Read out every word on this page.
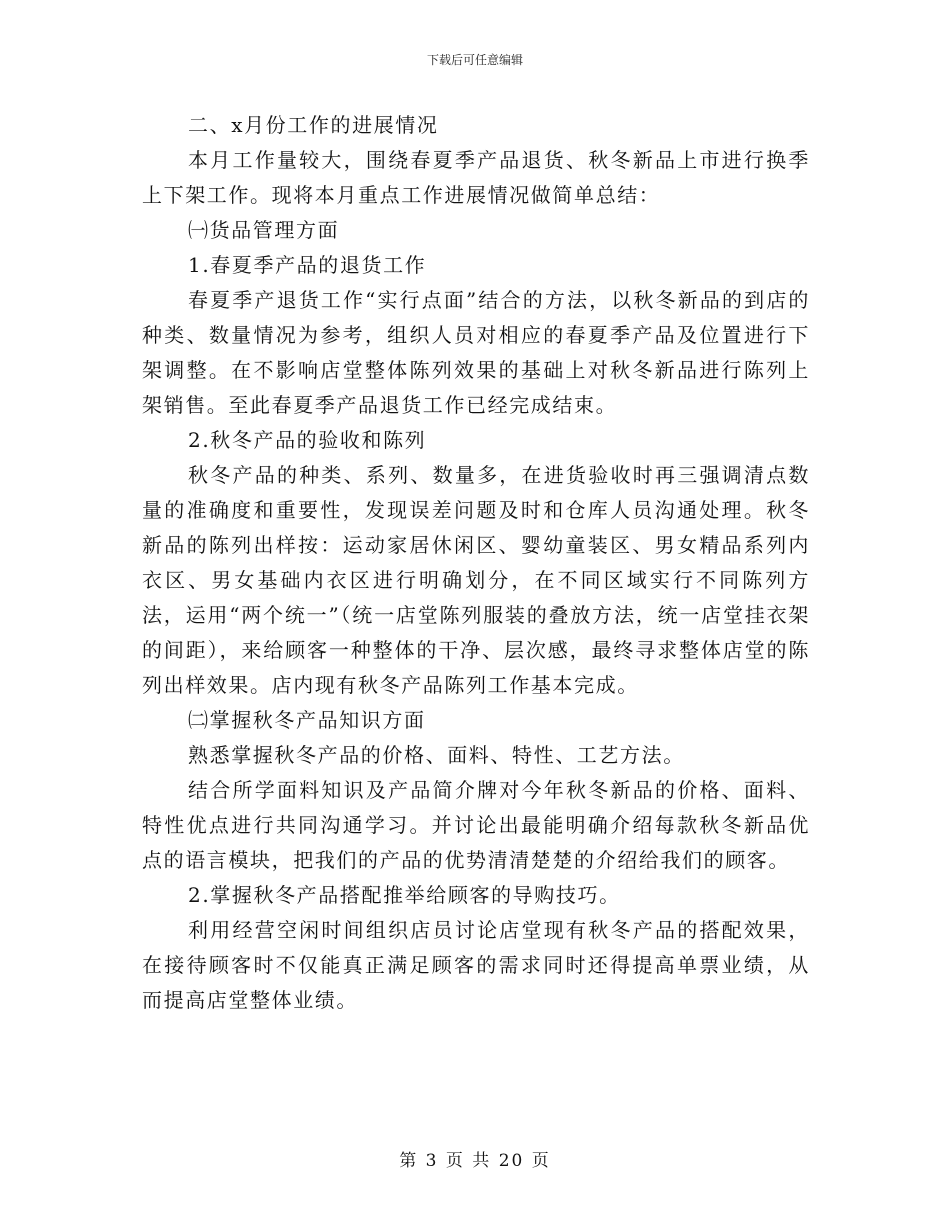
下载后可任意编辑

二、x月份工作的进展情况

本月工作量较大，围绕春夏季产品退货、秋冬新品上市进行换季上下架工作。现将本月重点工作进展情况做简单总结：

㈠货品管理方面

1.春夏季产品的退货工作

春夏季产退货工作“实行点面”结合的方法，以秋冬新品的到店的种类、数量情况为参考，组织人员对相应的春夏季产品及位置进行下架调整。在不影响店堂整体陈列效果的基础上对秋冬新品进行陈列上架销售。至此春夏季产品退货工作已经完成结束。

2.秋冬产品的验收和陈列

秋冬产品的种类、系列、数量多，在进货验收时再三强调清点数量的准确度和重要性，发现误差问题及时和仓库人员沟通处理。秋冬新品的陈列出样按：运动家居休闲区、婴幼童装区、男女精品系列内衣区、男女基础内衣区进行明确划分，在不同区域实行不同陈列方法，运用“两个统一”（统一店堂陈列服装的叠放方法，统一店堂挂衣架的间距），来给顾客一种整体的干净、层次感，最终寻求整体店堂的陈列出样效果。店内现有秋冬产品陈列工作基本完成。

㈡掌握秋冬产品知识方面

熟悉掌握秋冬产品的价格、面料、特性、工艺方法。

结合所学面料知识及产品简介牌对今年秋冬新品的价格、面料、特性优点进行共同沟通学习。并讨论出最能明确介绍每款秋冬新品优点的语言模块，把我们的产品的优势清清楚楚的介绍给我们的顾客。

2.掌握秋冬产品搭配推举给顾客的导购技巧。

利用经营空闲时间组织店员讨论店堂现有秋冬产品的搭配效果，在接待顾客时不仅能真正满足顾客的需求同时还得提高单票业绩，从而提高店堂整体业绩。

第 3 页 共 20 页
